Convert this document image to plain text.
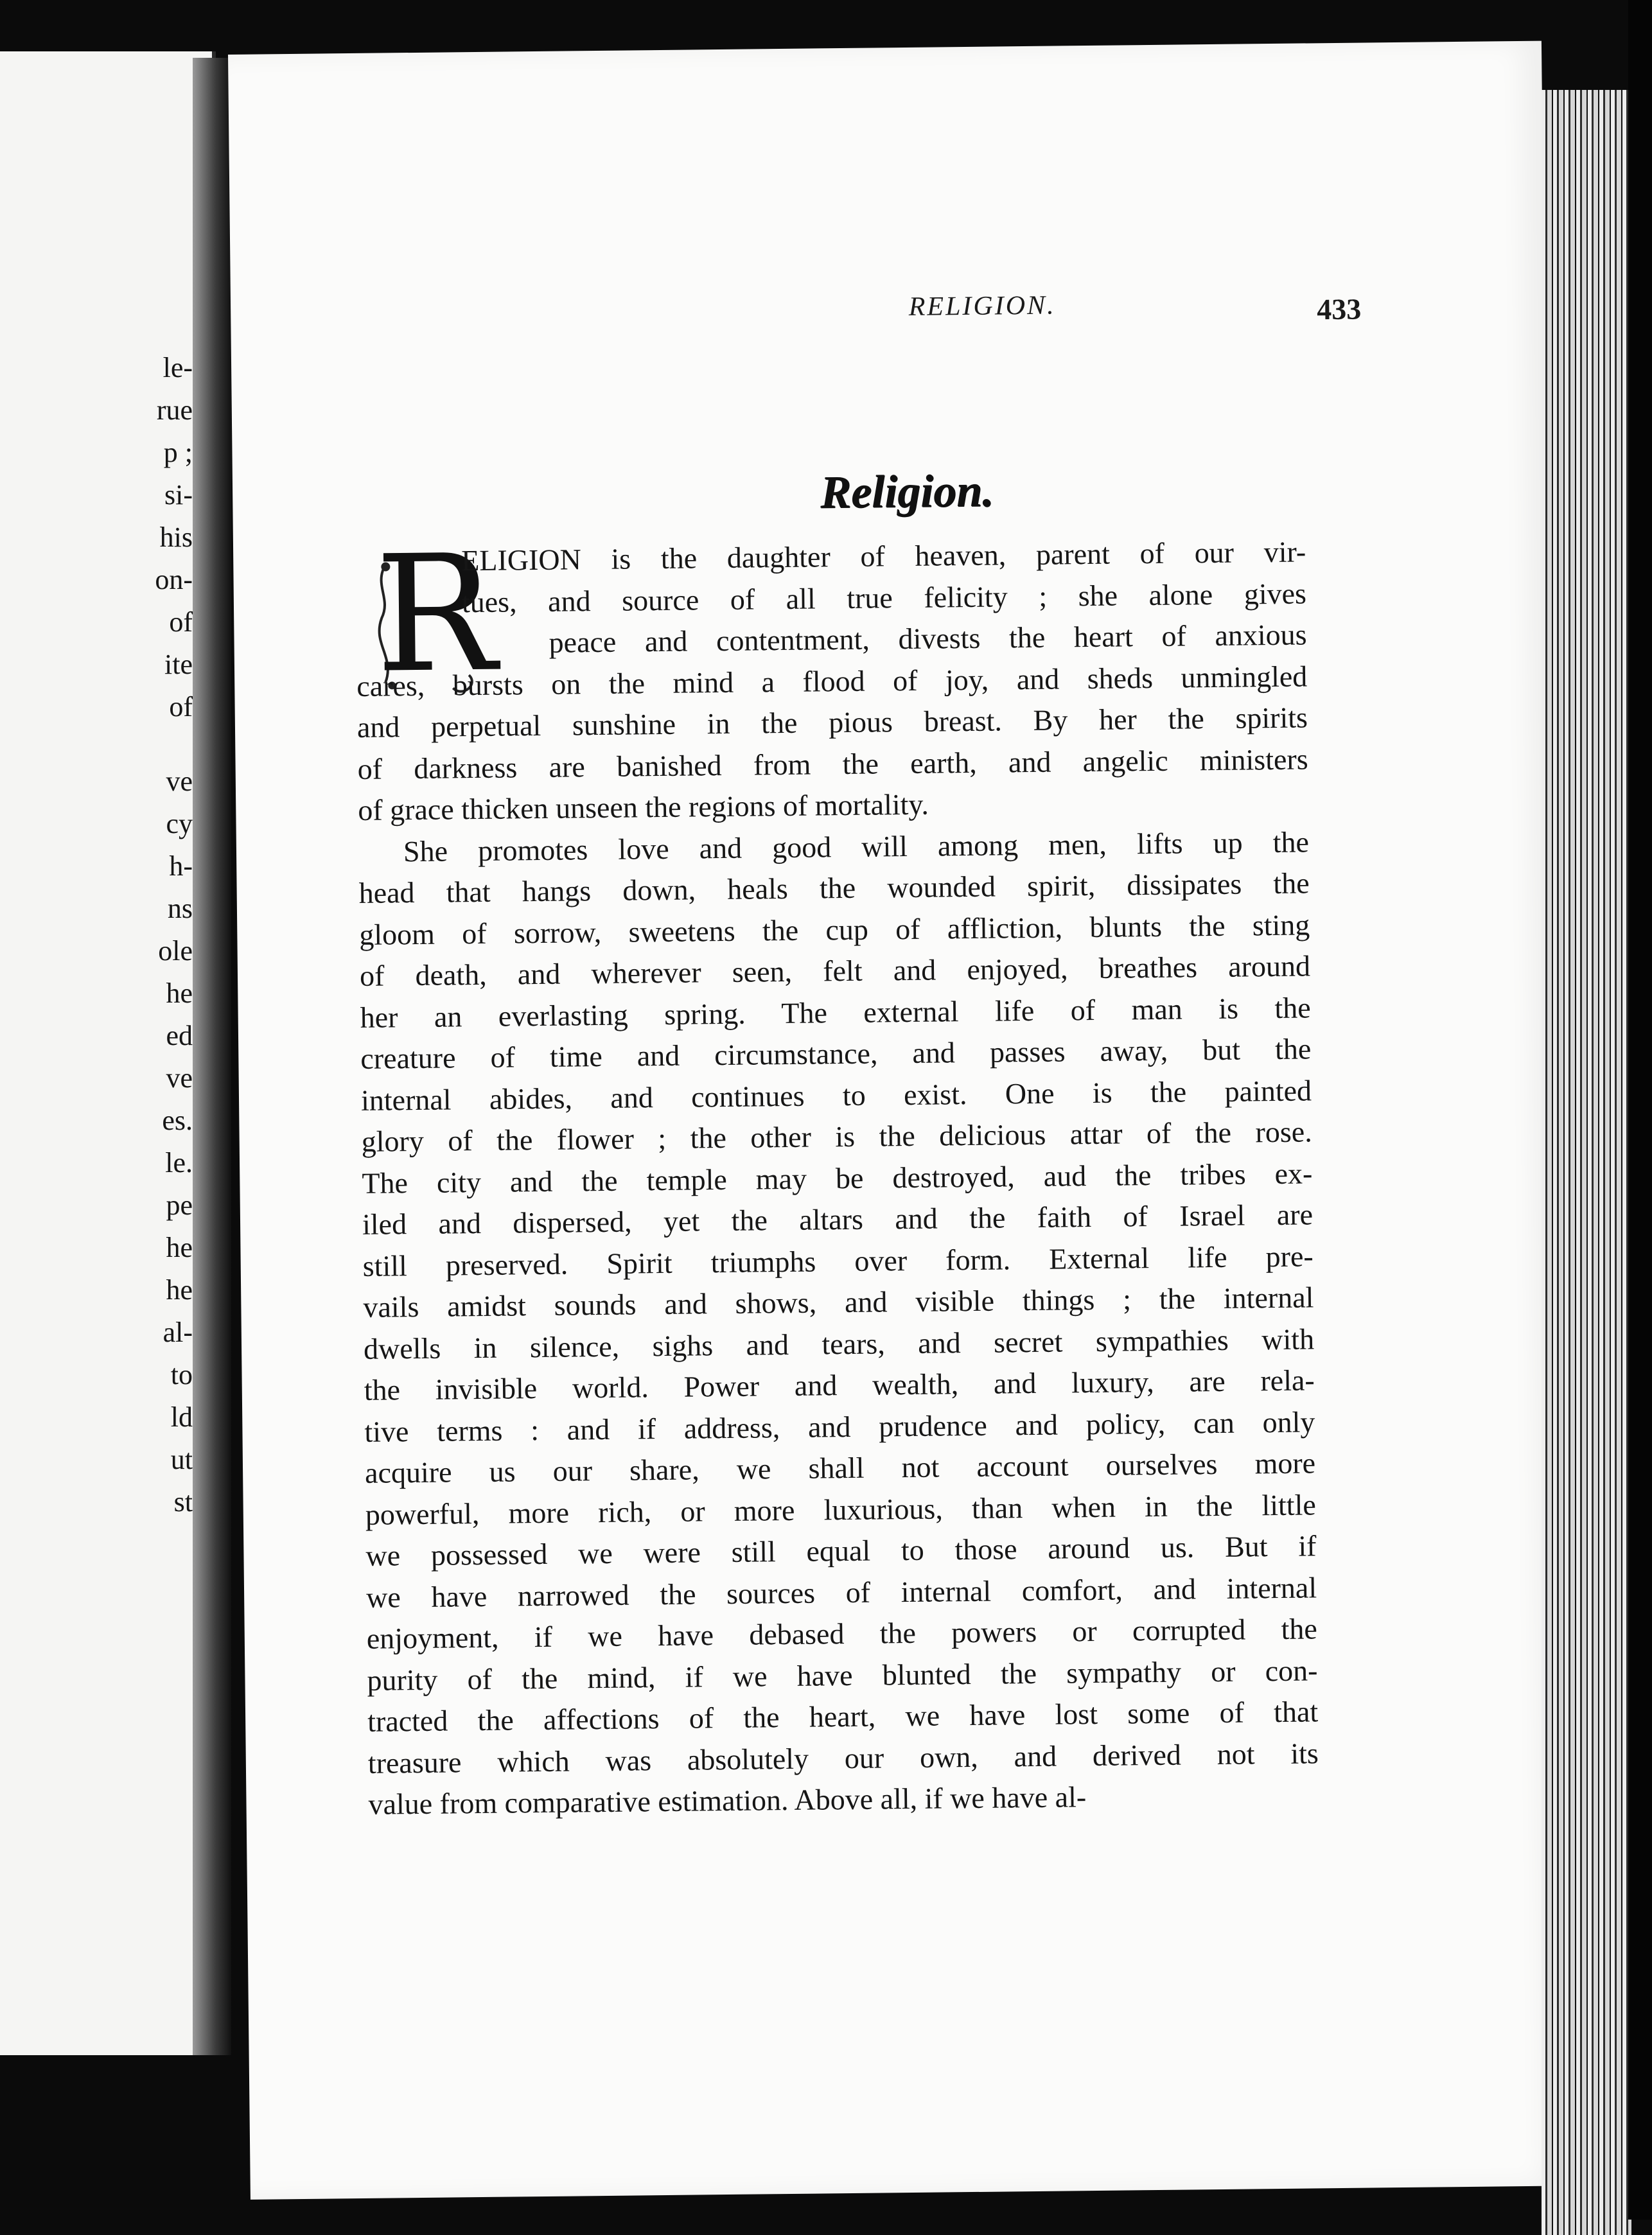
le-
rue
p ;
si-
his
on-
of
ite
of
ve
cy
h-
ns
ole
he
ed
ve
es.
le.
pe
he
he
al-
to
ld
ut
st
RELIGION.	433
Religion.
R
ELIGION is the daughter of heaven, parent of our vir-
tues, and source of all true felicity ; she alone gives
peace and contentment, divests the heart of anxious
cares, bursts on the mind a flood of joy, and sheds unmingled
and perpetual sunshine in the pious breast. By her the spirits
of darkness are banished from the earth, and angelic ministers
of grace thicken unseen the regions of mortality.
She promotes love and good will among men, lifts up the
head that hangs down, heals the wounded spirit, dissipates the
gloom of sorrow, sweetens the cup of affliction, blunts the sting
of death, and wherever seen, felt and enjoyed, breathes around
her an everlasting spring. The external life of man is the
creature of time and circumstance, and passes away, but the
internal abides, and continues to exist. One is the painted
glory of the flower ; the other is the delicious attar of the rose.
The city and the temple may be destroyed, aud the tribes ex-
iled and dispersed, yet the altars and the faith of Israel are
still preserved. Spirit triumphs over form. External life pre-
vails amidst sounds and shows, and visible things ; the internal
dwells in silence, sighs and tears, and secret sympathies with
the invisible world. Power and wealth, and luxury, are rela-
tive terms : and if address, and prudence and policy, can only
acquire us our share, we shall not account ourselves more
powerful, more rich, or more luxurious, than when in the little
we possessed we were still equal to those around us. But if
we have narrowed the sources of internal comfort, and internal
enjoyment, if we have debased the powers or corrupted the
purity of the mind, if we have blunted the sympathy or con-
tracted the affections of the heart, we have lost some of that
treasure which was absolutely our own, and derived not its
value from comparative estimation. Above all, if we have al-
